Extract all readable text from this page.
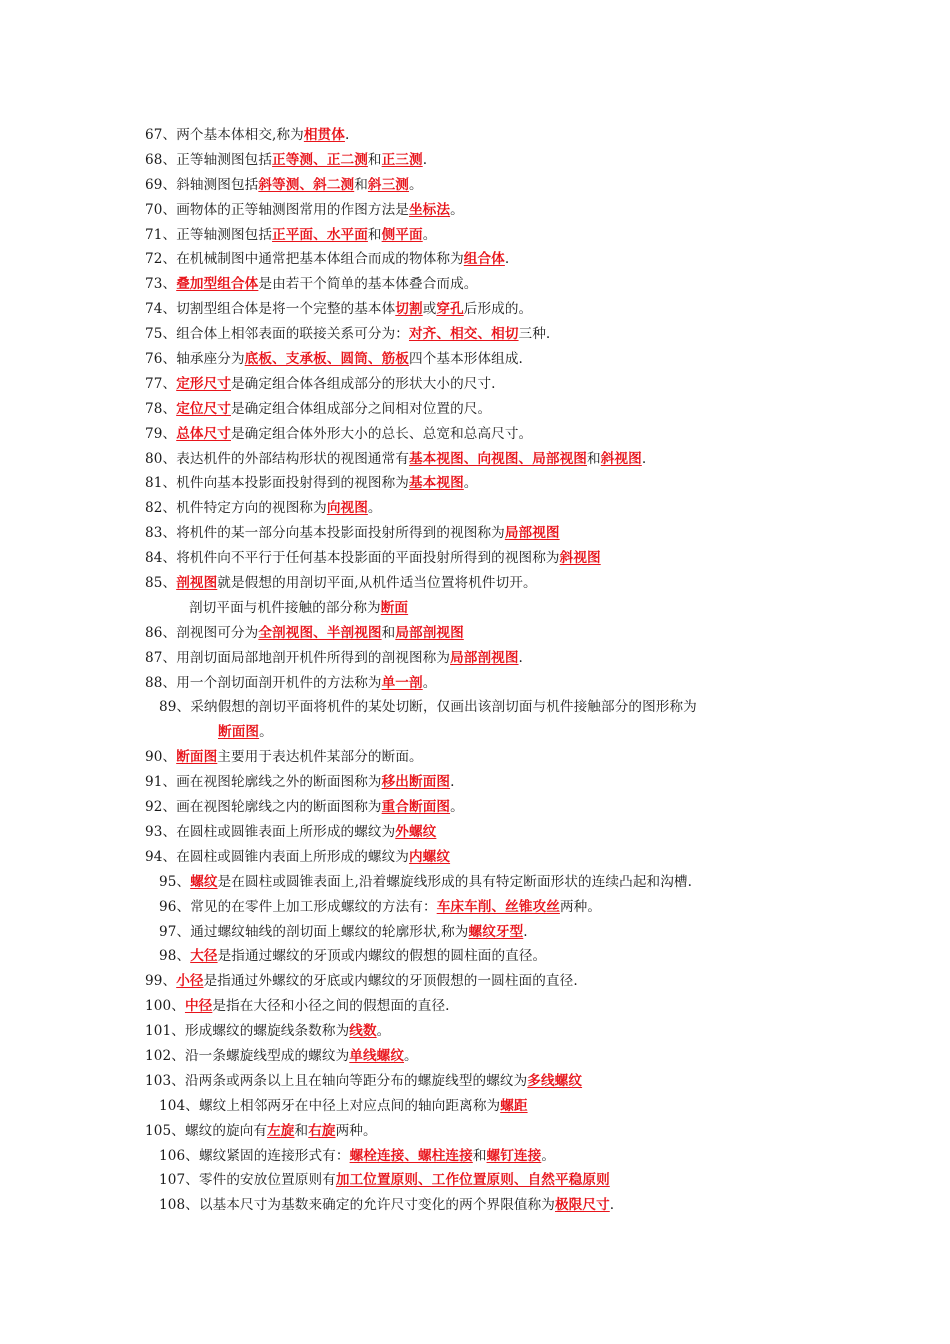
67、两个基本体相交,称为相贯体.
68、正等轴测图包括正等测、正二测和正三测.
69、斜轴测图包括斜等测、斜二测和斜三测。
70、画物体的正等轴测图常用的作图方法是坐标法。
71、正等轴测图包括正平面、水平面和侧平面。
72、在机械制图中通常把基本体组合而成的物体称为组合体.
73、叠加型组合体是由若干个简单的基本体叠合而成。
74、切割型组合体是将一个完整的基本体切割或穿孔后形成的。
75、组合体上相邻表面的联接关系可分为：对齐、相交、相切三种.
76、轴承座分为底板、支承板、圆筒、筋板四个基本形体组成.
77、定形尺寸是确定组合体各组成部分的形状大小的尺寸.
78、定位尺寸是确定组合体组成部分之间相对位置的尺。
79、总体尺寸是确定组合体外形大小的总长、总宽和总高尺寸。
80、表达机件的外部结构形状的视图通常有基本视图、向视图、局部视图和斜视图.
81、机件向基本投影面投射得到的视图称为基本视图。
82、机件特定方向的视图称为向视图。
83、将机件的某一部分向基本投影面投射所得到的视图称为局部视图
84、将机件向不平行于任何基本投影面的平面投射所得到的视图称为斜视图
85、剖视图就是假想的用剖切平面,从机件适当位置将机件切开。
剖切平面与机件接触的部分称为断面
86、剖视图可分为全剖视图、半剖视图和局部剖视图
87、用剖切面局部地剖开机件所得到的剖视图称为局部剖视图.
88、用一个剖切面剖开机件的方法称为单一剖。
89、采纳假想的剖切平面将机件的某处切断，仅画出该剖切面与机件接触部分的图形称为
断面图。
90、断面图主要用于表达机件某部分的断面。
91、画在视图轮廓线之外的断面图称为移出断面图.
92、画在视图轮廓线之内的断面图称为重合断面图。
93、在圆柱或圆锥表面上所形成的螺纹为外螺纹
94、在圆柱或圆锥内表面上所形成的螺纹为内螺纹
95、螺纹是在圆柱或圆锥表面上,沿着螺旋线形成的具有特定断面形状的连续凸起和沟槽.
96、常见的在零件上加工形成螺纹的方法有：车床车削、丝锥攻丝两种。
97、通过螺纹轴线的剖切面上螺纹的轮廓形状,称为螺纹牙型.
98、大径是指通过螺纹的牙顶或内螺纹的假想的圆柱面的直径。
99、小径是指通过外螺纹的牙底或内螺纹的牙顶假想的一圆柱面的直径.
100、中径是指在大径和小径之间的假想面的直径.
101、形成螺纹的螺旋线条数称为线数。
102、沿一条螺旋线型成的螺纹为单线螺纹。
103、沿两条或两条以上且在轴向等距分布的螺旋线型的螺纹为多线螺纹
104、螺纹上相邻两牙在中径上对应点间的轴向距离称为螺距
105、螺纹的旋向有左旋和右旋两种。
106、螺纹紧固的连接形式有：螺栓连接、螺柱连接和螺钉连接。
107、零件的安放位置原则有加工位置原则、工作位置原则、自然平稳原则
108、以基本尺寸为基数来确定的允许尺寸变化的两个界限值称为极限尺寸.
